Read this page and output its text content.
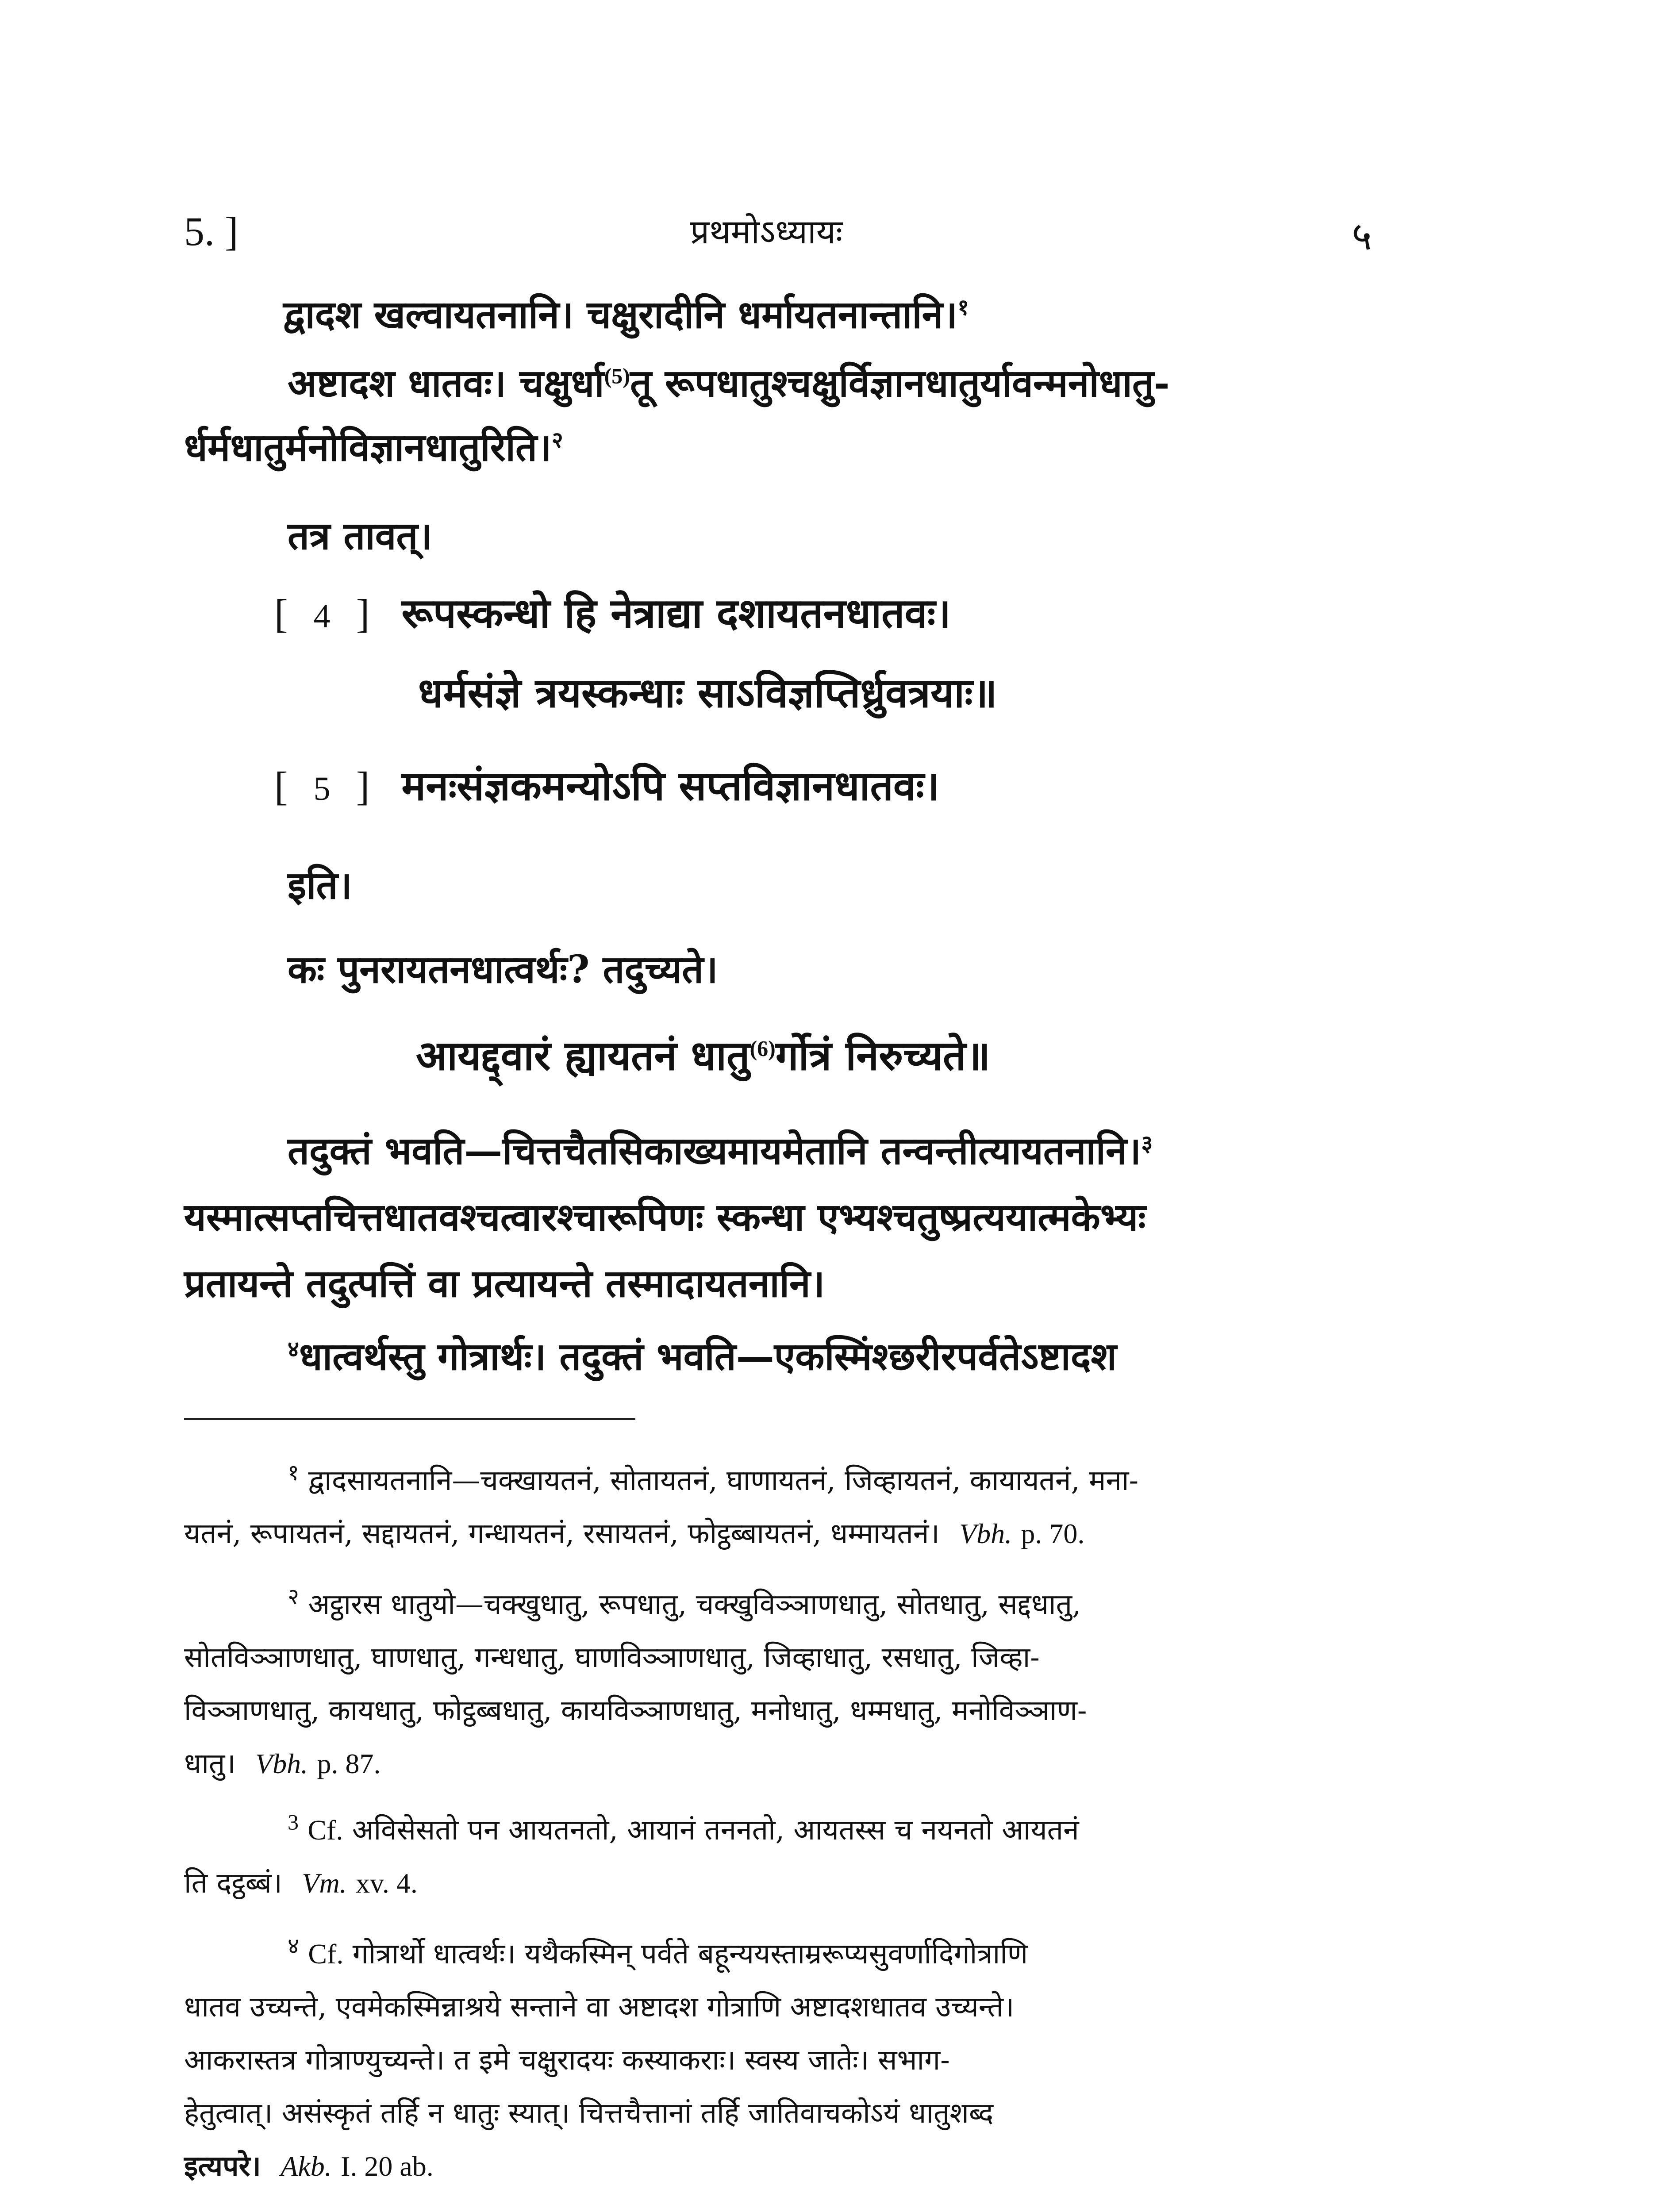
5. ]	प्रथमोऽध्यायः	५
द्वादश खल्वायतनानि। चक्षुरादीनि धर्मायतनान्तानि।$^१$
अष्टादश धातवः। चक्षुर्धा$^{(5)}$तू रूपधातुश्चक्षुर्विज्ञानधातुर्यावन्मनोधातु-
र्धर्मधातुर्मनोविज्ञानधातुरिति।$^२$
तत्र तावत्।
[ 4 ] रूपस्कन्धो हि नेत्राद्या दशायतनधातवः।
धर्मसंज्ञे त्रयस्कन्धाः साऽविज्ञप्तिर्ध्रुवत्रयाः॥
[ 5 ] मनःसंज्ञकमन्योऽपि सप्तविज्ञानधातवः।
इति।
कः पुनरायतनधात्वर्थः? तदुच्यते।
आयद्द्वारं ह्यायतनं धातु$^{(6)}$र्गोत्रं निरुच्यते॥
तदुक्तं भवति—चित्तचैतसिकाख्यमायमेतानि तन्वन्तीत्यायतनानि।$^३$
यस्मात्सप्तचित्तधातवश्चत्वारश्चारूपिणः स्कन्धा एभ्यश्चतुष्प्रत्ययात्मकेभ्यः
प्रतायन्ते तदुत्पत्तिं वा प्रत्यायन्ते तस्मादायतनानि।
$^४$धात्वर्थस्तु गोत्रार्थः। तदुक्तं भवति—एकस्मिंश्छरीरपर्वतेऽष्टादश
$^१$ द्वादसायतनानि—चक्खायतनं, सोतायतनं, घाणायतनं, जिव्हायतनं, कायायतनं, मना-
यतनं, रूपायतनं, सद्दायतनं, गन्धायतनं, रसायतनं, फोट्ठब्बायतनं, धम्मायतनं। Vbh. p. 70.
$^२$ अट्ठारस धातुयो—चक्खुधातु, रूपधातु, चक्खुविञ्ञाणधातु, सोतधातु, सद्दधातु,
सोतविञ्ञाणधातु, घाणधातु, गन्धधातु, घाणविञ्ञाणधातु, जिव्हाधातु, रसधातु, जिव्हा-
विञ्ञाणधातु, कायधातु, फोट्ठब्बधातु, कायविञ्ञाणधातु, मनोधातु, धम्मधातु, मनोविञ्ञाण-
धातु। Vbh. p. 87.
$^3$ Cf. अविसेसतो पन आयतनतो, आयानं तननतो, आयतस्स च नयनतो आयतनं
ति दट्ठब्बं। Vm. xv. 4.
$^४$ Cf. गोत्रार्थो धात्वर्थः। यथैकस्मिन् पर्वते बहून्ययस्ताम्ररूप्यसुवर्णादिगोत्राणि
धातव उच्यन्ते, एवमेकस्मिन्नाश्रये सन्ताने वा अष्टादश गोत्राणि अष्टादशधातव उच्यन्ते।
आकरास्तत्र गोत्राण्युच्यन्ते। त इमे चक्षुरादयः कस्याकराः। स्वस्य जातेः। सभाग-
हेतुत्वात्। असंस्कृतं तर्हि न धातुः स्यात्। चित्तचैत्तानां तर्हि जातिवाचकोऽयं धातुशब्द
इत्यपरे। Akb. I. 20 ab.
